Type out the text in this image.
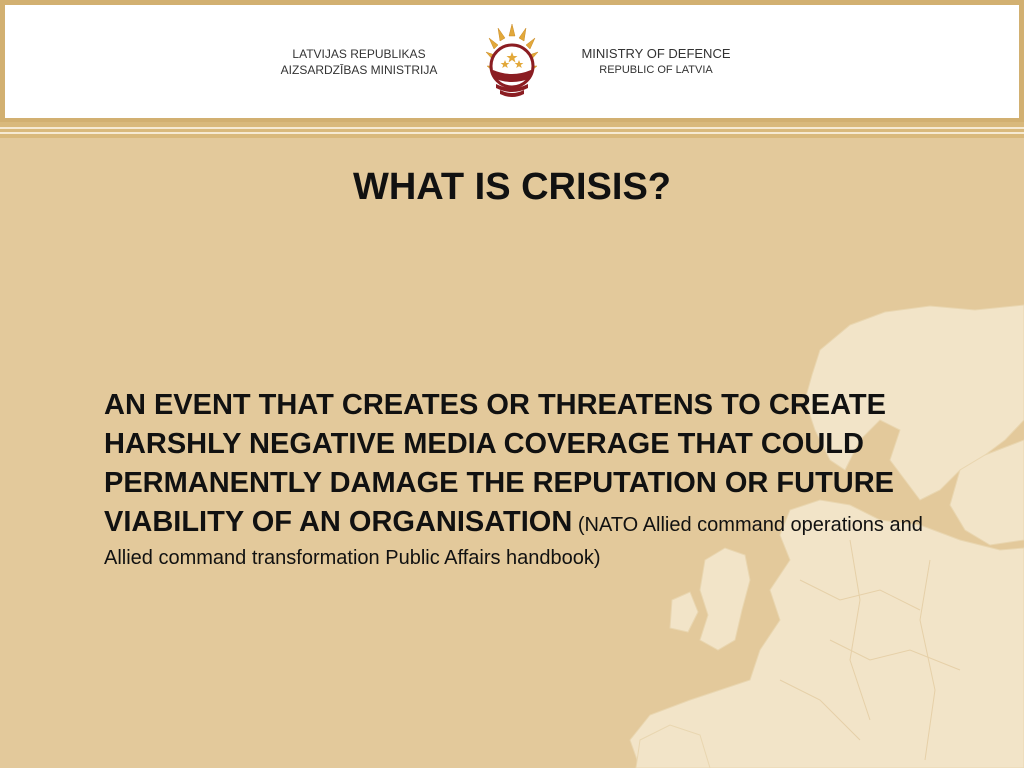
LATVIJAS REPUBLIKAS
AIZSARDZĪBAS MINISTRIJA
MINISTRY OF DEFENCE
REPUBLIC OF LATVIA
WHAT IS CRISIS?
AN EVENT THAT CREATES OR THREATENS TO CREATE HARSHLY NEGATIVE MEDIA COVERAGE THAT COULD PERMANENTLY DAMAGE THE REPUTATION OR FUTURE VIABILITY OF AN ORGANISATION (NATO Allied command operations and Allied command transformation Public Affairs handbook)
